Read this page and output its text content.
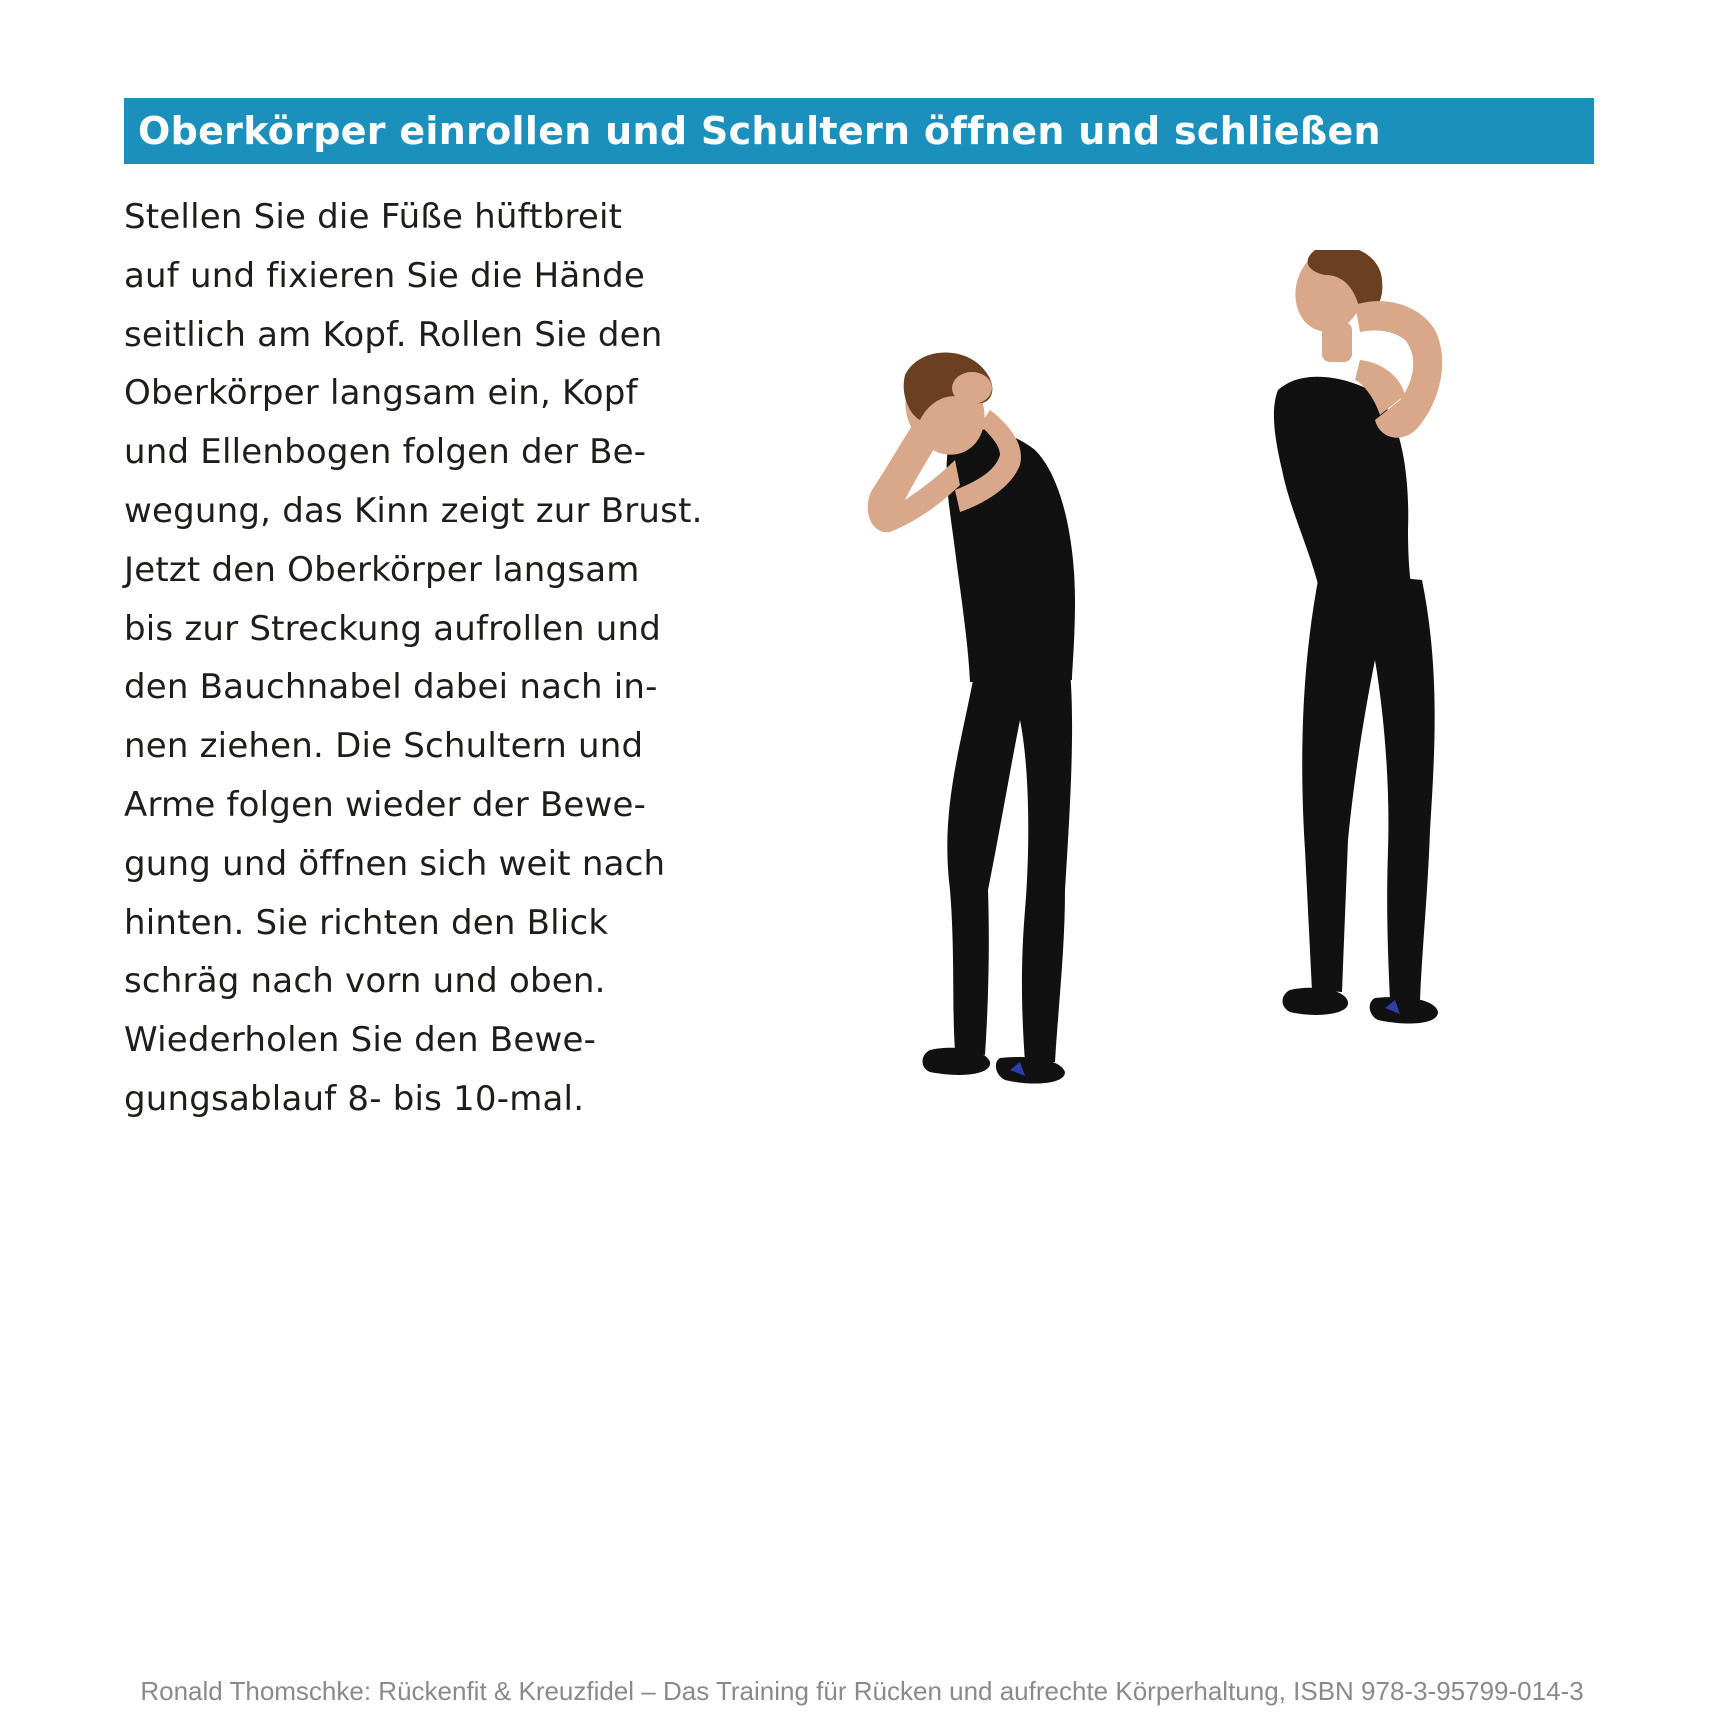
Oberkörper einrollen und Schultern öffnen und schließen
Stellen Sie die Füße hüftbreit
auf und fixieren Sie die Hände
seitlich am Kopf. Rollen Sie den
Oberkörper langsam ein, Kopf
und Ellenbogen folgen der Be-
wegung, das Kinn zeigt zur Brust.
Jetzt den Oberkörper langsam
bis zur Streckung aufrollen und
den Bauchnabel dabei nach in-
nen ziehen. Die Schultern und
Arme folgen wieder der Bewe-
gung und öffnen sich weit nach
hinten. Sie richten den Blick
schräg nach vorn und oben.
Wiederholen Sie den Bewe-
gungsablauf 8- bis 10-mal.
Ronald Thomschke: Rückenfit & Kreuzfidel – Das Training für Rücken und aufrechte Körperhaltung, ISBN 978-3-95799-014-3
